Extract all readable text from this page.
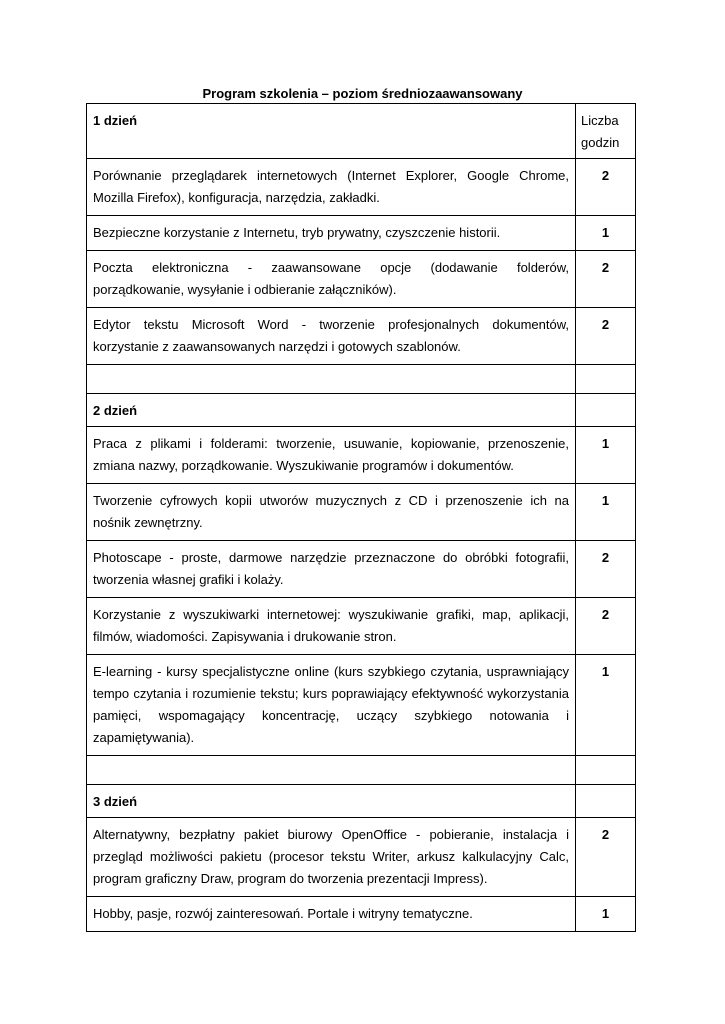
Program szkolenia – poziom średniozaawansowany
1 dzień	Liczba godzin
Porównanie przeglądarek internetowych (Internet Explorer, Google Chrome, Mozilla Firefox), konfiguracja, narzędzia, zakładki.	2
Bezpieczne korzystanie z Internetu, tryb prywatny, czyszczenie historii.	1
Poczta elektroniczna - zaawansowane opcje (dodawanie folderów, porządkowanie, wysyłanie i odbieranie załączników).	2
Edytor tekstu Microsoft Word - tworzenie profesjonalnych dokumentów, korzystanie z zaawansowanych narzędzi i gotowych szablonów.	2

2 dzień	
Praca z plikami i folderami: tworzenie, usuwanie, kopiowanie, przenoszenie, zmiana nazwy, porządkowanie. Wyszukiwanie programów i dokumentów.	1
Tworzenie cyfrowych kopii utworów muzycznych z CD i przenoszenie ich na nośnik zewnętrzny.	1
Photoscape - proste, darmowe narzędzie przeznaczone do obróbki fotografii, tworzenia własnej grafiki i kolaży.	2
Korzystanie z wyszukiwarki internetowej: wyszukiwanie grafiki, map, aplikacji, filmów, wiadomości. Zapisywania i drukowanie stron.	2
E-learning - kursy specjalistyczne online (kurs szybkiego czytania, usprawniający tempo czytania i rozumienie tekstu; kurs poprawiający efektywność wykorzystania pamięci, wspomagający koncentrację, uczący szybkiego notowania i zapamiętywania).	1

3 dzień	
Alternatywny, bezpłatny pakiet biurowy OpenOffice - pobieranie, instalacja i przegląd możliwości pakietu (procesor tekstu Writer, arkusz kalkulacyjny Calc, program graficzny Draw, program do tworzenia prezentacji Impress).	2
Hobby, pasje, rozwój zainteresowań. Portale i witryny tematyczne.	1
